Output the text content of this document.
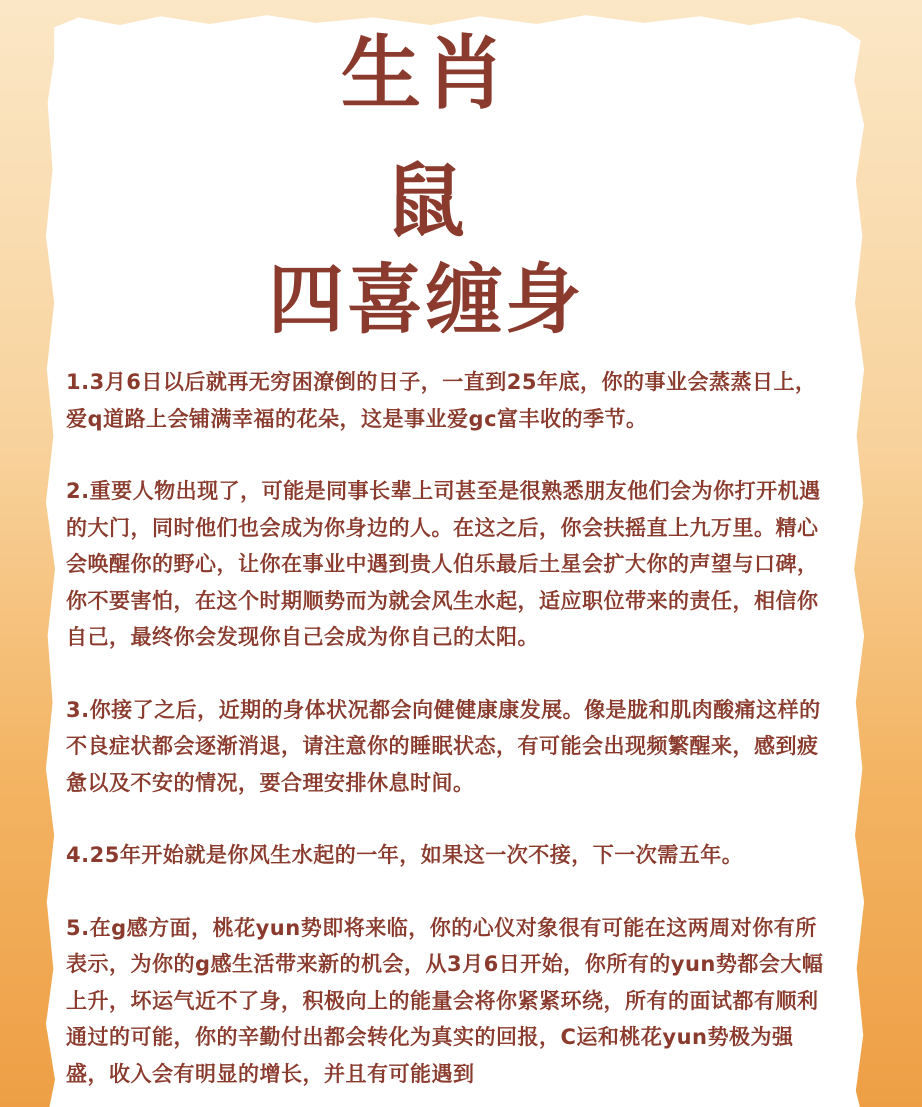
生肖
鼠
四喜缠身

1.3月6日以后就再无穷困潦倒的日子，一直到25年底，你的事业会蒸蒸日上，爱q道路上会铺满幸福的花朵，这是事业爱gc富丰收的季节。

2.重要人物出现了，可能是同事长辈上司甚至是很熟悉朋友他们会为你打开机遇的大门，同时他们也会成为你身边的人。在这之后，你会扶摇直上九万里。精心会唤醒你的野心，让你在事业中遇到贵人伯乐最后土星会扩大你的声望与口碑，你不要害怕，在这个时期顺势而为就会风生水起，适应职位带来的责任，相信你自己，最终你会发现你自己会成为你自己的太阳。

3.你接了之后，近期的身体状况都会向健健康康发展。像是胧和肌肉酸痛这样的不良症状都会逐渐消退，请注意你的睡眠状态，有可能会出现频繁醒来，感到疲惫以及不安的情况，要合理安排休息时间。

4.25年开始就是你风生水起的一年，如果这一次不接，下一次需五年。

5.在g感方面，桃花yun势即将来临，你的心仪对象很有可能在这两周对你有所表示，为你的g感生活带来新的机会，从3月6日开始，你所有的yun势都会大幅上升，坏运气近不了身，积极向上的能量会将你紧紧环绕，所有的面试都有顺利通过的可能，你的辛勤付出都会转化为真实的回报，C运和桃花yun势极为强盛，收入会有明显的增长，并且有可能遇到
